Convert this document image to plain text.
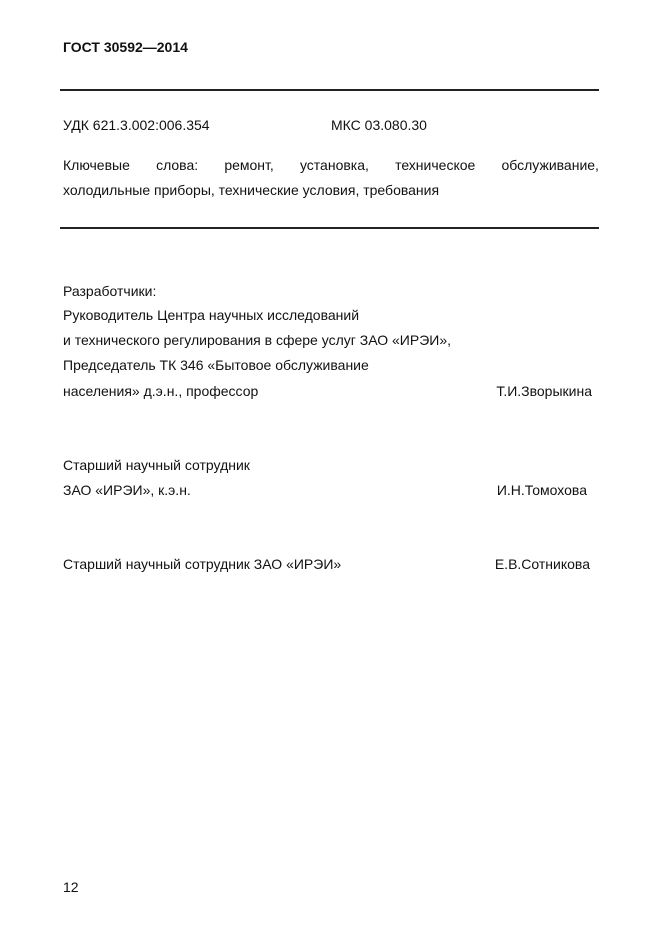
ГОСТ 30592—2014
УДК 621.3.002:006.354	МКС 03.080.30
Ключевые слова: ремонт, установка, техническое обслуживание,
холодильные приборы, технические условия, требования
Разработчики:
Руководитель Центра научных исследований
и технического регулирования в сфере услуг ЗАО «ИРЭИ»,
Председатель ТК 346 «Бытовое обслуживание
населения» д.э.н., профессор	Т.И.Зворыкина
Старший научный сотрудник
ЗАО «ИРЭИ», к.э.н.	И.Н.Томохова
Старший научный сотрудник ЗАО «ИРЭИ»	Е.В.Сотникова
12
